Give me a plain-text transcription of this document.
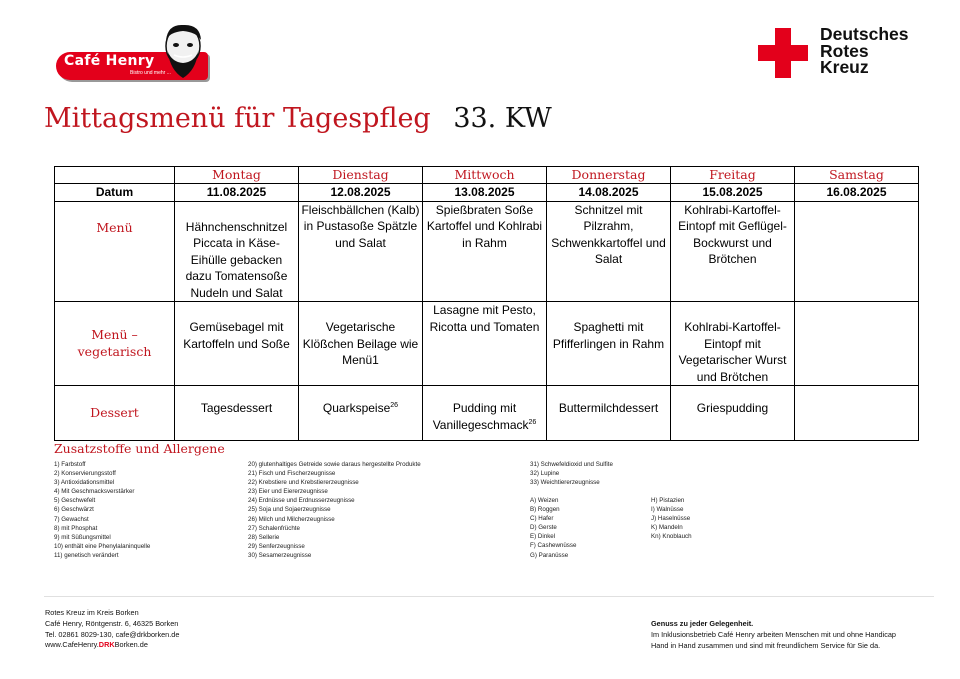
Café Henry
Bistro und mehr ...
Deutsches
Rotes
Kreuz
Mittagsmenü für Tagespfleg 33. KW
	Montag	Dienstag	Mittwoch	Donnerstag	Freitag	Samstag
Datum	11.08.2025	12.08.2025	13.08.2025	14.08.2025	15.08.2025	16.08.2025
Menü	Hähnchenschnitzel Piccata in Käse-Eihülle gebacken dazu Tomatensoße Nudeln und Salat	Fleischbällchen (Kalb) in Pustasoße Spätzle und Salat	Spießbraten Soße Kartoffel und Kohlrabi in Rahm	Schnitzel mit Pilzrahm, Schwenkkartoffel und Salat	Kohlrabi-Kartoffel-Eintopf mit Geflügel-Bockwurst und Brötchen	
Menü – vegetarisch	Gemüsebagel mit Kartoffeln und Soße	Vegetarische Klößchen Beilage wie Menü1	Lasagne mit Pesto, Ricotta und Tomaten	Spaghetti mit Pfifferlingen in Rahm	Kohlrabi-Kartoffel-Eintopf mit Vegetarischer Wurst und Brötchen	
Dessert	Tagesdessert	Quarkspeise$^{26}$	Pudding mit Vanillegeschmack$^{26}$	Buttermilchdessert	Griespudding	
Zusatzstoffe und Allergene
1) Farbstoff
2) Konservierungsstoff
3) Antioxidationsmittel
4) Mit Geschmacksverstärker
5) Geschwefelt
6) Geschwärzt
7) Gewachst
8) mit Phosphat
9) mit Süßungsmittel
10) enthält eine Phenylalaninquelle
11) genetisch verändert
20) glutenhaltiges Getreide sowie daraus hergestellte Produkte
21) Fisch und Fischerzeugnisse
22) Krebstiere und Krebstiererzeugnisse
23) Eier und Eiererzeugnisse
24) Erdnüsse und Erdnusserzeugnisse
25) Soja und Sojaerzeugnisse
26) Milch und Milcherzeugnisse
27) Schalenfrüchte
28) Sellerie
29) Senferzeugnisse
30) Sesamerzeugnisse
31) Schwefeldioxid und Sulfite
32) Lupine
33) Weichtiererzeugnisse
A) Weizen
B) Roggen
C) Hafer
D) Gerste
E) Dinkel
F) Cashewnüsse
G) Paranüsse
H) Pistazien
I) Walnüsse
J) Haselnüsse
K) Mandeln
Kn) Knoblauch
Rotes Kreuz im Kreis Borken
Café Henry, Röntgenstr. 6, 46325 Borken
Tel. 02861 8029-130, cafe@drkborken.de
www.CafeHenry.DRKBorken.de
Genuss zu jeder Gelegenheit.
Im Inklusionsbetrieb Café Henry arbeiten Menschen mit und ohne Handicap
Hand in Hand zusammen und sind mit freundlichem Service für Sie da.
